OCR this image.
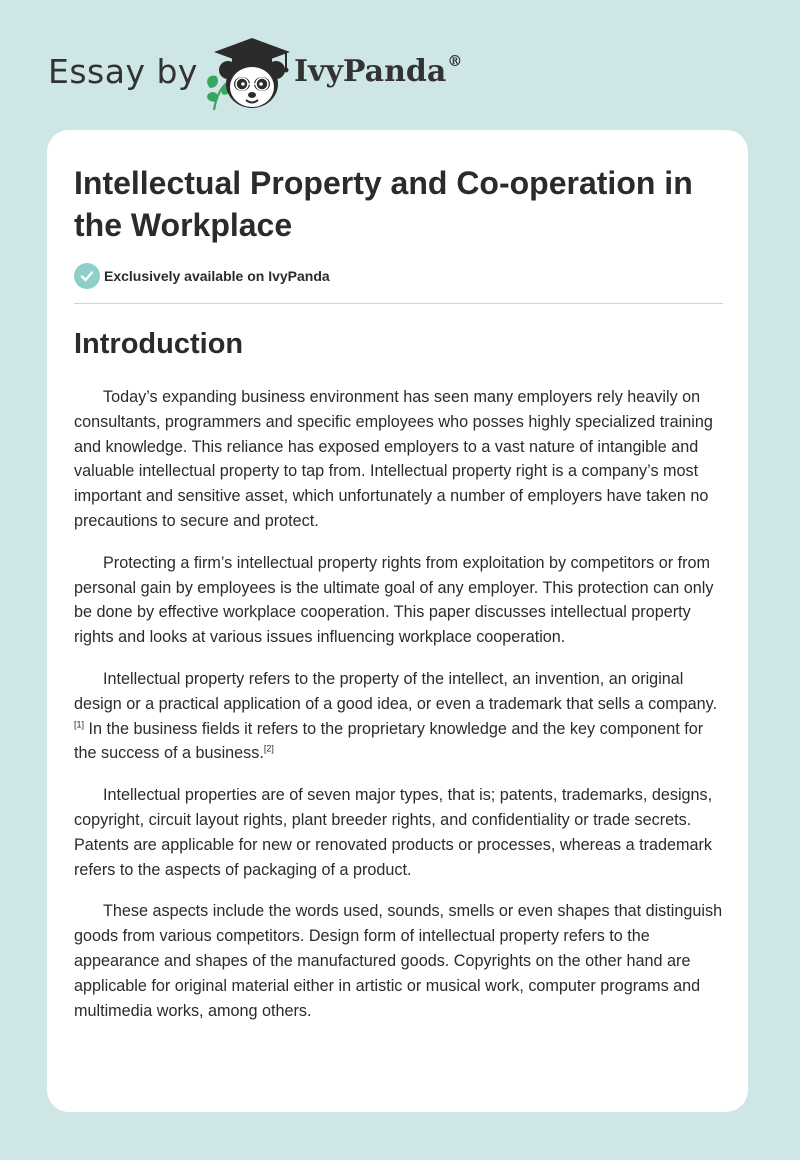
Essay by	IvyPanda®
Intellectual Property and Co-operation in the Workplace
Exclusively available on IvyPanda
Introduction

Today’s expanding business environment has seen many employers rely heavily on consultants, programmers and specific employees who posses highly specialized training and knowledge. This reliance has exposed employers to a vast nature of intangible and valuable intellectual property to tap from. Intellectual property right is a company’s most important and sensitive asset, which unfortunately a number of employers have taken no precautions to secure and protect.

Protecting a firm’s intellectual property rights from exploitation by competitors or from personal gain by employees is the ultimate goal of any employer. This protection can only be done by effective workplace cooperation. This paper discusses intellectual property rights and looks at various issues influencing workplace cooperation.

Intellectual property refers to the property of the intellect, an invention, an original design or a practical application of a good idea, or even a trademark that sells a company.[1] In the business fields it refers to the proprietary knowledge and the key component for the success of a business.[2]

Intellectual properties are of seven major types, that is; patents, trademarks, designs, copyright, circuit layout rights, plant breeder rights, and confidentiality or trade secrets. Patents are applicable for new or renovated products or processes, whereas a trademark refers to the aspects of packaging of a product.

These aspects include the words used, sounds, smells or even shapes that distinguish goods from various competitors. Design form of intellectual property refers to the appearance and shapes of the manufactured goods. Copyrights on the other hand are applicable for original material either in artistic or musical work, computer programs and multimedia works, among others.
